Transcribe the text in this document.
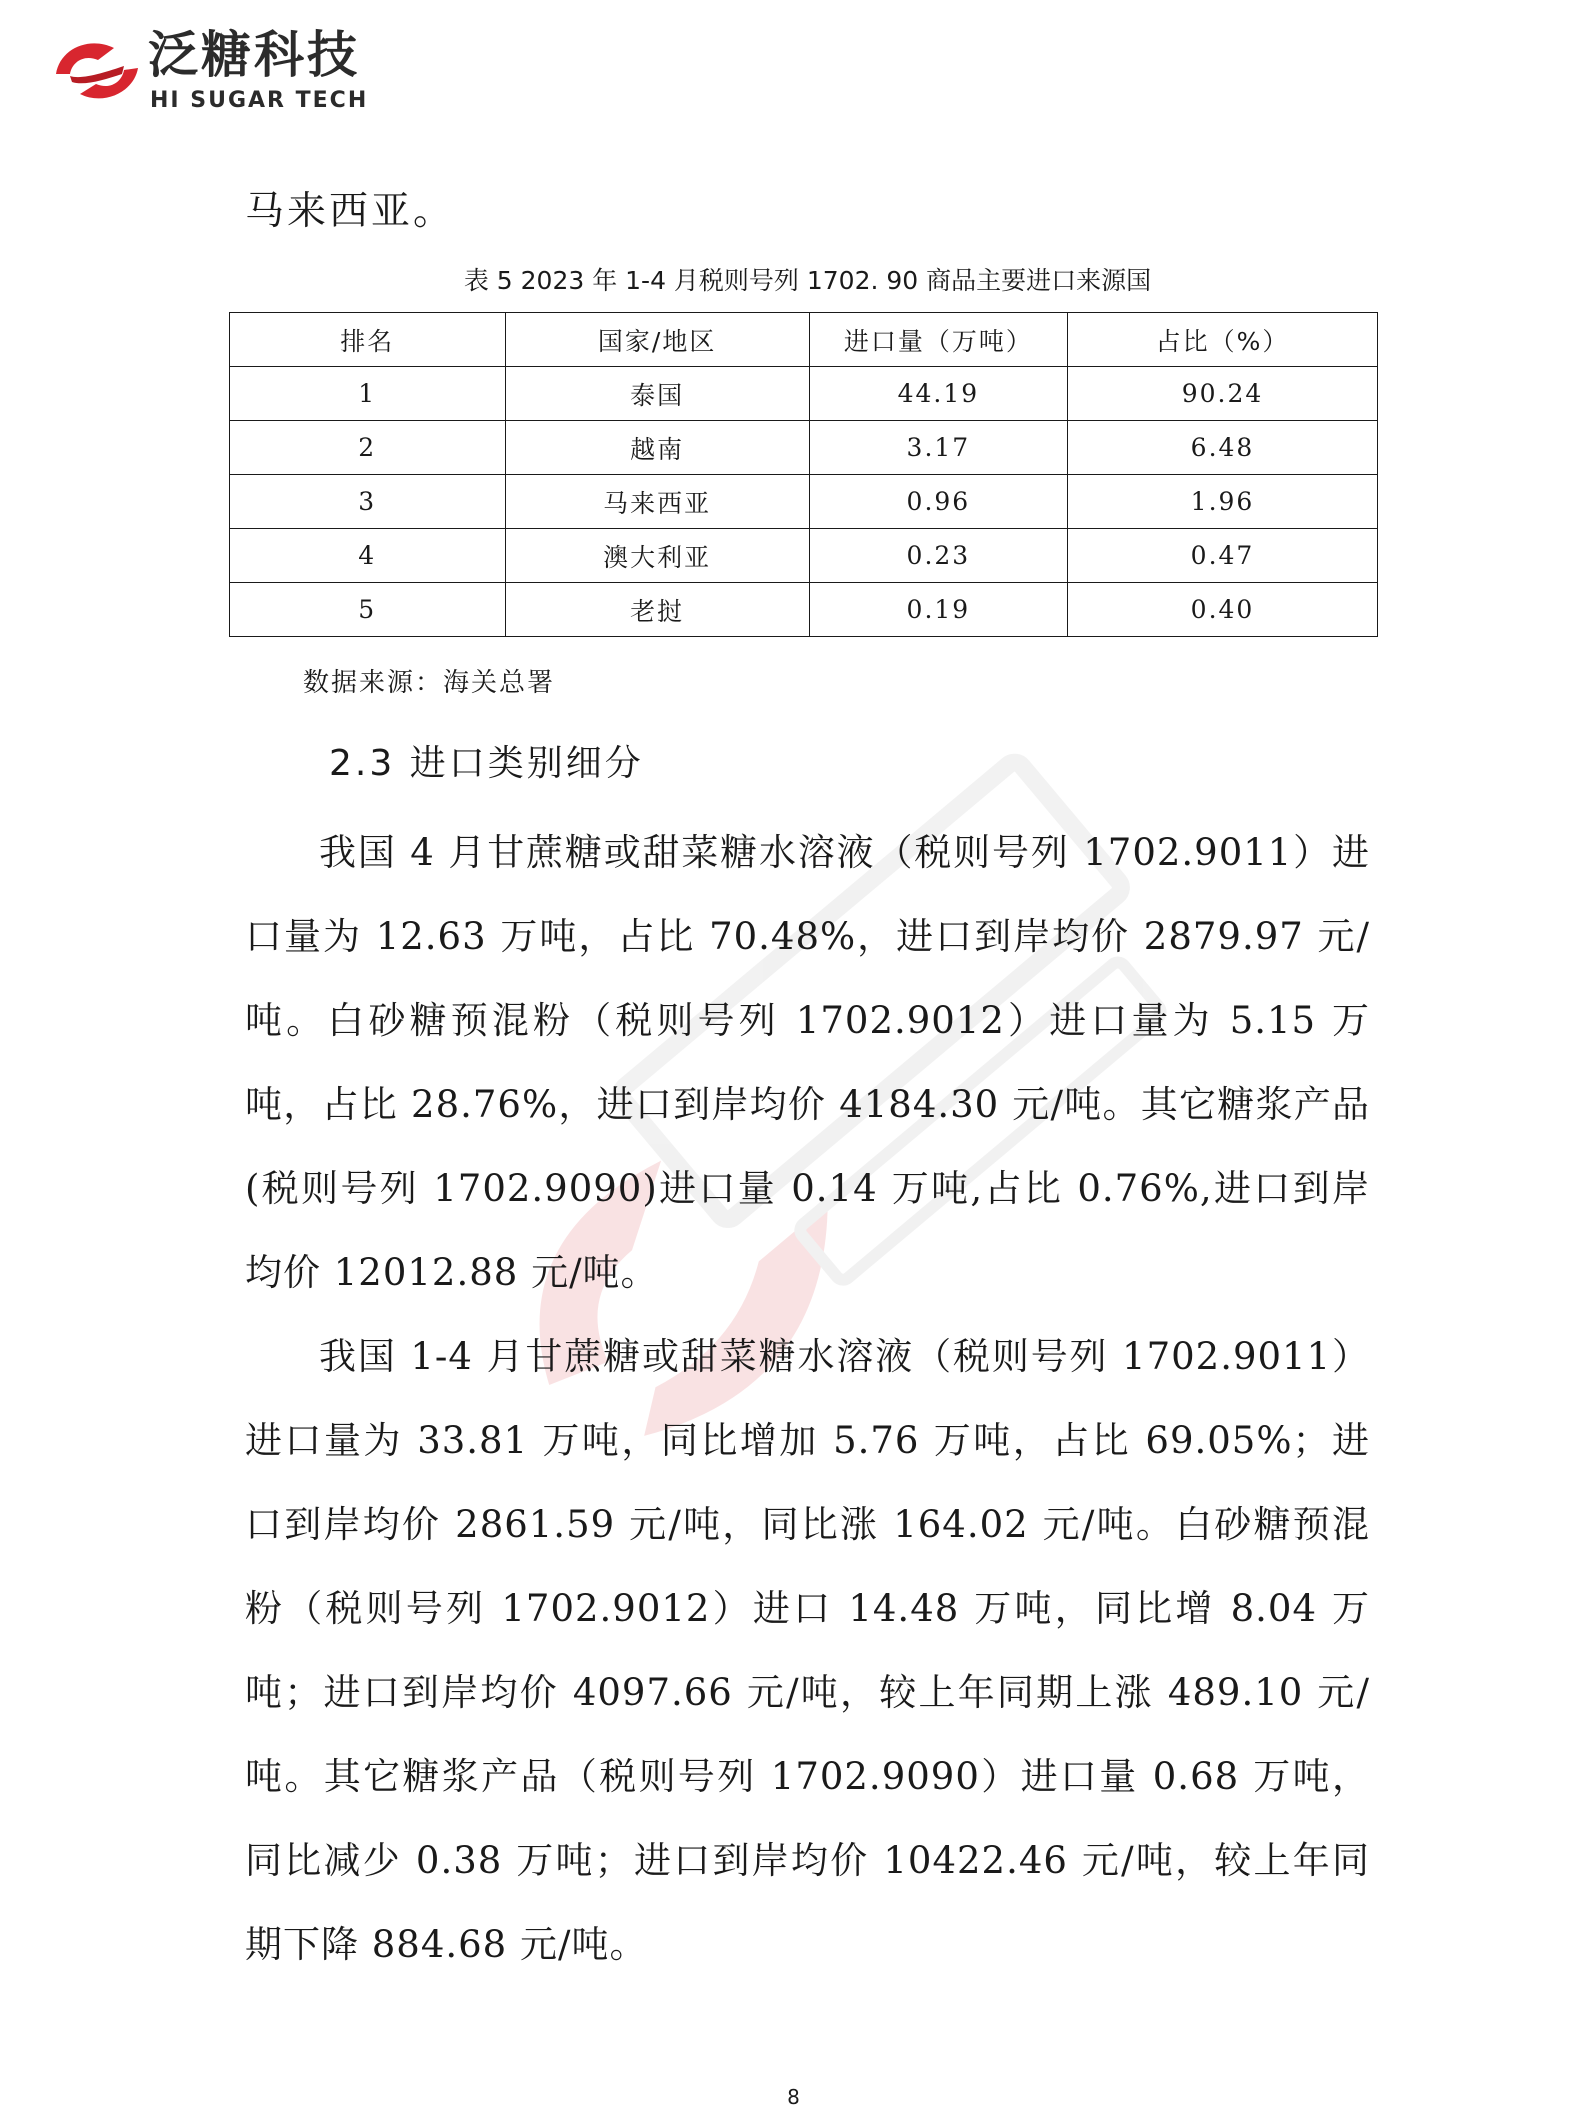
泛糖科技

HI SUGAR TECH

马来西亚。

表 5 2023 年 1-4 月税则号列 1702. 90 商品主要进口来源国

排名	国家/地区	进口量（万吨）	占比（%）
1	泰国	44.19	90.24
2	越南	3.17	6.48
3	马来西亚	0.96	1.96
4	澳大利亚	0.23	0.47
5	老挝	0.19	0.40

数据来源：海关总署

2.3 进口类别细分

我国 4 月甘蔗糖或甜菜糖水溶液（税则号列 1702.9011）进口量为 12.63 万吨，占比 70.48%，进口到岸均价 2879.97 元/吨。白砂糖预混粉（税则号列 1702.9012）进口量为 5.15 万吨，占比 28.76%，进口到岸均价 4184.30 元/吨。其它糖浆产品(税则号列 1702.9090)进口量 0.14 万吨,占比 0.76%,进口到岸均价 12012.88 元/吨。

我国 1-4 月甘蔗糖或甜菜糖水溶液（税则号列 1702.9011）进口量为 33.81 万吨，同比增加 5.76 万吨，占比 69.05%；进口到岸均价 2861.59 元/吨，同比涨 164.02 元/吨。白砂糖预混粉（税则号列 1702.9012）进口 14.48 万吨，同比增 8.04 万吨；进口到岸均价 4097.66 元/吨，较上年同期上涨 489.10 元/吨。其它糖浆产品（税则号列 1702.9090）进口量 0.68 万吨，同比减少 0.38 万吨；进口到岸均价 10422.46 元/吨，较上年同期下降 884.68 元/吨。

8
